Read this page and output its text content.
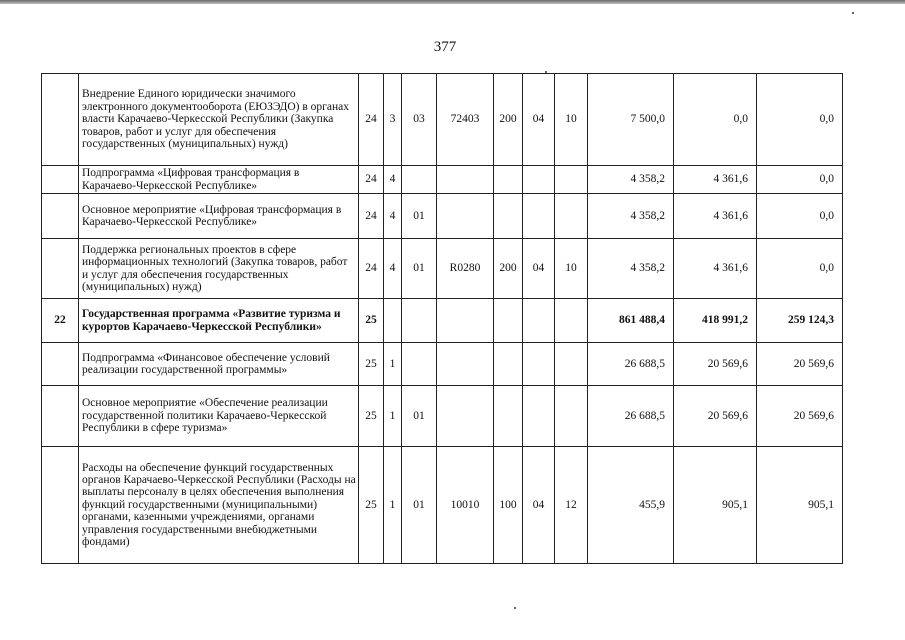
377
	Внедрение Единого юридически значимого электронного документооборота (ЕЮЗЭДО) в органах власти Карачаево-Черкесской Республики (Закупка товаров, работ и услуг для обеспечения государственных (муниципальных) нужд)	24	3	03	72403	200	04	10	7 500,0	0,0	0,0
	Подпрограмма «Цифровая трансформация в Карачаево-Черкесской Республике»	24	4						4 358,2	4 361,6	0,0
	Основное мероприятие «Цифровая трансформация в Карачаево-Черкесской Республике»	24	4	01					4 358,2	4 361,6	0,0
	Поддержка региональных проектов в сфере информационных технологий (Закупка товаров, работ и услуг для обеспечения государственных (муниципальных) нужд)	24	4	01	R0280	200	04	10	4 358,2	4 361,6	0,0
22	Государственная программа «Развитие туризма и курортов Карачаево-Черкесской Республики»	25							861 488,4	418 991,2	259 124,3
	Подпрограмма «Финансовое обеспечение условий реализации государственной программы»	25	1						26 688,5	20 569,6	20 569,6
	Основное мероприятие «Обеспечение реализации государственной политики Карачаево-Черкесской Республики в сфере туризма»	25	1	01					26 688,5	20 569,6	20 569,6
	Расходы на обеспечение функций государственных органов Карачаево-Черкесской Республики (Расходы на выплаты персоналу в целях обеспечения выполнения функций государственными (муниципальными) органами, казенными учреждениями, органами управления государственными внебюджетными фондами)	25	1	01	10010	100	04	12	455,9	905,1	905,1
